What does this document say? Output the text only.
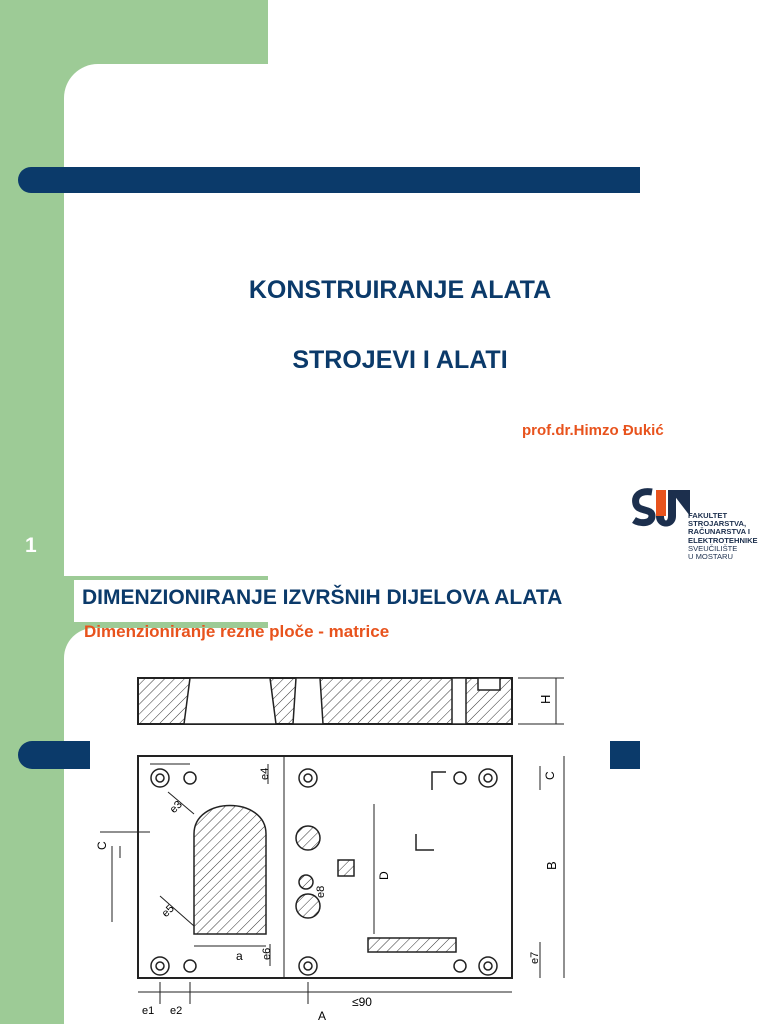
KONSTRUIRANJE ALATA
STROJEVI I ALATI
prof.dr.Himzo Đukić
1
FAKULTET
STROJARSTVA,
RAČUNARSTVA I
ELEKTROTEHNIKE
SVEUČILIŠTE
U MOSTARU
DIMENZIONIRANJE IZVRŠNIH DIJELOVA ALATA
Dimenzioniranje rezne ploče - matrice
H
B
C
C
D
a
e1 e2
e3
e4
e5
e6	e7
e8
≤90
A
